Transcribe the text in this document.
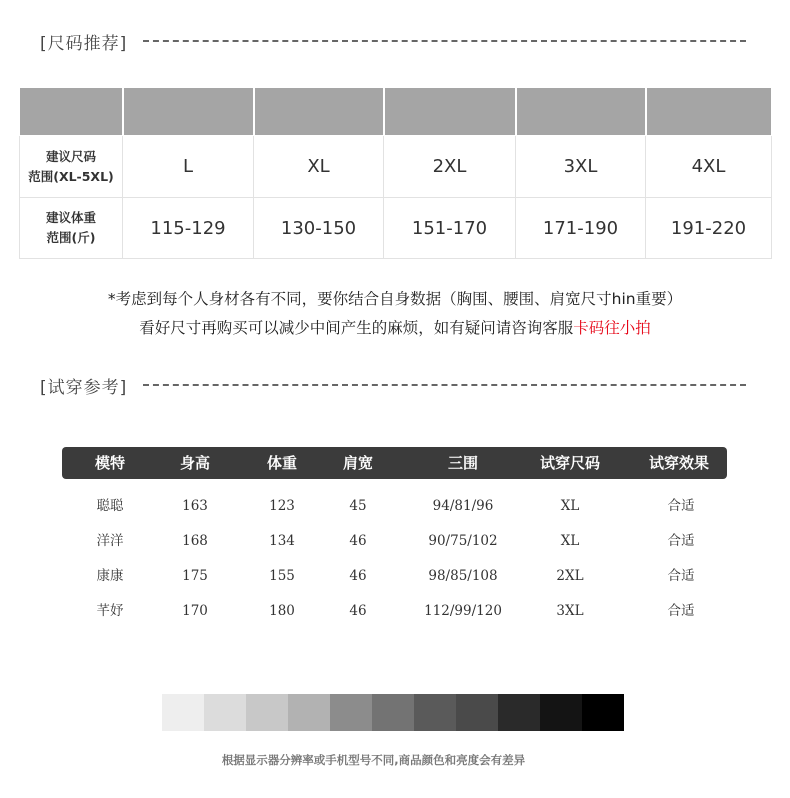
[尺码推荐]

建议尺码
范围(XL-5XL)	L	XL	2XL	3XL	4XL

建议体重
范围(斤)	115-129	130-150	151-170	171-190	191-220
*考虑到每个人身材各有不同，要你结合自身数据（胸围、腰围、肩宽尺寸hin重要）
看好尺寸再购买可以减少中间产生的麻烦，如有疑问请咨询客服卡码往小拍
[试穿参考]
模特	身高	体重	肩宽	三围	试穿尺码	试穿效果
聪聪	163	123	45	94/81/96	XL	合适
洋洋	168	134	46	90/75/102	XL	合适
康康	175	155	46	98/85/108	2XL	合适
芊妤	170	180	46	112/99/120	3XL	合适
根据显示器分辨率或手机型号不同,商品颜色和亮度会有差异
